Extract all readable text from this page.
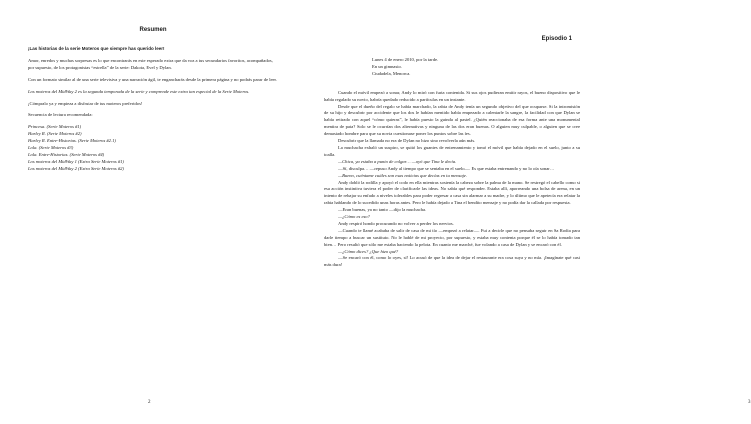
Resumen

¡Las historias de la serie Moteros que siempre has querido leer!

Amor, enredos y muchas sorpresas es lo que encontrarás en este esperado extra que da voz a tus secundarios favoritos, acompañados, por supuesto, de los protagonistas “estrella” de la serie: Dakota, Evel y Dylan.

Con un formato similar al de una serie televisiva y una narración ágil, te engancharás desde la primera página y no podrás parar de leer.

Los moteros del MidWay 2 es la segunda temporada de la serie y comprende este extra tan especial de la Serie Moteros.

¡Cómpralo ya y empieza a disfrutar de tus moteros preferidos!

Secuencia de lectura recomendada:

Princesa. (Serie Moteros #1)
Harley R. (Serie Moteros #2)
Harley R. Entre-Historias. (Serie Moteros #2.1)
Lola. (Serie Moteros #3)
Lola. Entre-Historias. (Serie Moteros #4)
Los moteros del MidWay 1 (Extra Serie Moteros #1)
Los moteros del MidWay 2 (Extra Serie Moteros #2)
2
Episodio 1
Lunes 4 de enero 2010, por la tarde.
En un gimnasio.
Ciudadela, Menorca.

Cuando el móvil empezó a sonar, Andy lo miró con furia contenida. Si sus ojos pudieran emitir rayos, el bueno dispositivo que le había regalado su novio, habría quedado reducido a partículas en un instante.

Desde que el dueño del regalo se había marchado, la rabia de Andy tenía un segundo objetivo del que ocuparse. Si la intromisión de su hijo y descubrir por accidente que los dos le habían mentido había empezado a calentarle la sangre, la facilidad con que Dylan se había retirado con aquel “cómo quieras”, le había puesto la guinda al pastel. ¿Quién reaccionaba de esa forma ante una monumental mentira de pata? Solo se le ocurrían dos alternativas y ninguna de las dos eran buenas. O alguien muy culpable, o alguien que se cree demasiado hombre para que su novia cuestionase poner los puntos sobre las íes.

Descubrir que la llamada no era de Dylan no hizo sino revolverla aún más.

La muchacha exhaló un suspiro, se quitó los guantes de entrenamiento y tomó el móvil que había dejado en el suelo, junto a su toalla.

—Chica, ya estaba a punto de colgar… —oyó que Tina le decía.

—Sí, disculpa… —repuso Andy al tiempo que se sentaba en el suelo—. Es que estaba entrenando y no lo oía sonar…

—Bueno, cuéntame cuáles son esas noticias que decías en tu mensaje.

Andy dobló la rodilla y apoyó el codo en ella mientras sostenía la cabeza sobre la palma de la mano. Se restregó el cabello como si esa acción instintiva tuviera el poder de clarificarle las ideas. No sabía qué responder. Estaba allí, aporreando una bolsa de arena, en un intento de rebajar su enfado a niveles tolerables para poder regresar a casa sin alarmar a su madre, y lo último que le apetecía era relatar la rabia hablando de lo sucedido unas horas antes. Pero le había dejado a Tina el bendito mensaje y no podía dar la callada por respuesta.

—Eran buenas, ya no tanto —dijo la muchacha.

—¿Cómo es eso?

Andy respiró hondo procurando no volver a perder los nervios.

—Cuando te llamé acababa de salir de casa de mi tío —empezó a relatar—. Fui a decirle que no pensaba seguir en Sa Rodia para darle tiempo a buscar un sustituto. No le hablé de mi proyecto, por supuesto, y estaba muy contenta porque él se lo había tomado tan bien… Pero resultó que sólo me estaba haciendo la pelota. En cuanto me marché, fue volando a casa de Dylan y se encaró con él.

—¿Cómo dices? ¿Que hizo qué?

—Se encaró con él, como lo oyes, sí! Lo acusó de que la idea de dejar el restaurante era cosa suya y no mía. ¡Imagínate qué casi más dura!

3
